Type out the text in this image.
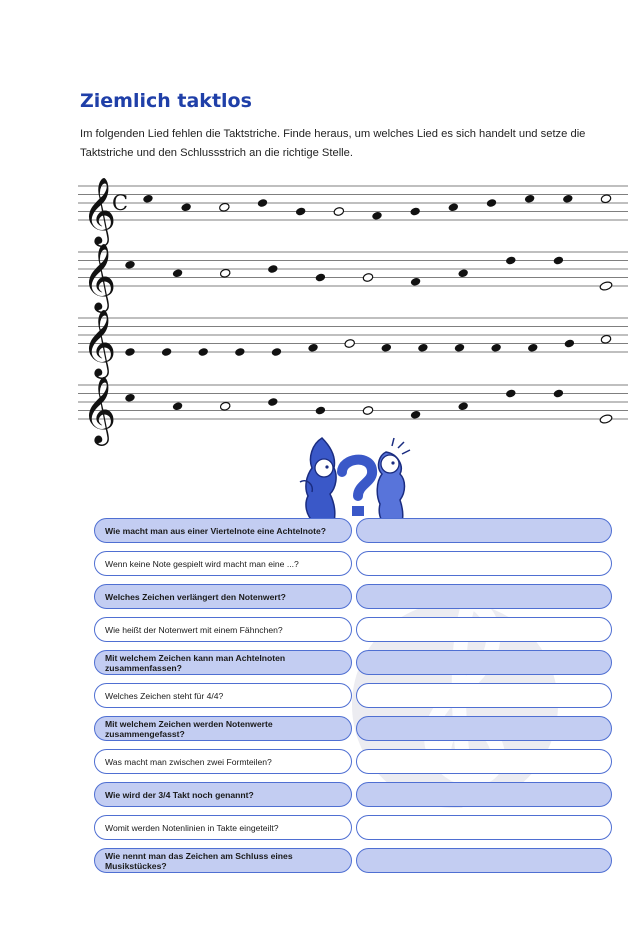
Ziemlich taktlos

Im folgenden Lied fehlen die Taktstriche. Finde heraus, um welches Lied es sich handelt und setze die Taktstriche und den Schlussstrich an die richtige Stelle.

𝄞
C
𝄞
𝄞
𝄞
Wie macht man aus einer Viertelnote eine Achtelnote?
Wenn keine Note gespielt wird macht man eine ...?
Welches Zeichen verlängert den Notenwert?
Wie heißt der Notenwert mit einem Fähnchen?
Mit welchem Zeichen kann man Achtelnoten zusammenfassen?
Welches Zeichen steht für 4/4?
Mit welchem Zeichen werden Notenwerte zusammengefasst?
Was macht man zwischen zwei Formteilen?
Wie wird der 3/4 Takt noch genannt?
Womit werden Notenlinien in Takte eingeteilt?
Wie nennt man das Zeichen am Schluss eines Musikstückes?
